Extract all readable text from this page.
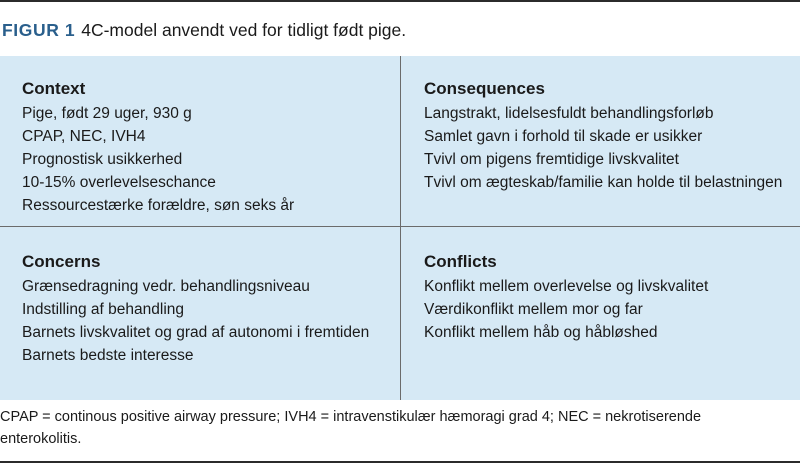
FIGUR 1 4C-model anvendt ved for tidligt født pige.
Context
Pige, født 29 uger, 930 g
CPAP, NEC, IVH4
Prognostisk usikkerhed
10-15% overlevelseschance
Ressourcestærke forældre, søn seks år
Consequences
Langstrakt, lidelsesfuldt behandlingsforløb
Samlet gavn i forhold til skade er usikker
Tvivl om pigens fremtidige livskvalitet
Tvivl om ægteskab/familie kan holde til belastningen
Concerns
Grænsedragning vedr. behandlingsniveau
Indstilling af behandling
Barnets livskvalitet og grad af autonomi i fremtiden
Barnets bedste interesse
Conflicts
Konflikt mellem overlevelse og livskvalitet
Værdikonflikt mellem mor og far
Konflikt mellem håb og håbløshed
CPAP = continous positive airway pressure; IVH4 = intravenstikulær hæmoragi grad 4; NEC = nekrotiserende enterokolitis.
